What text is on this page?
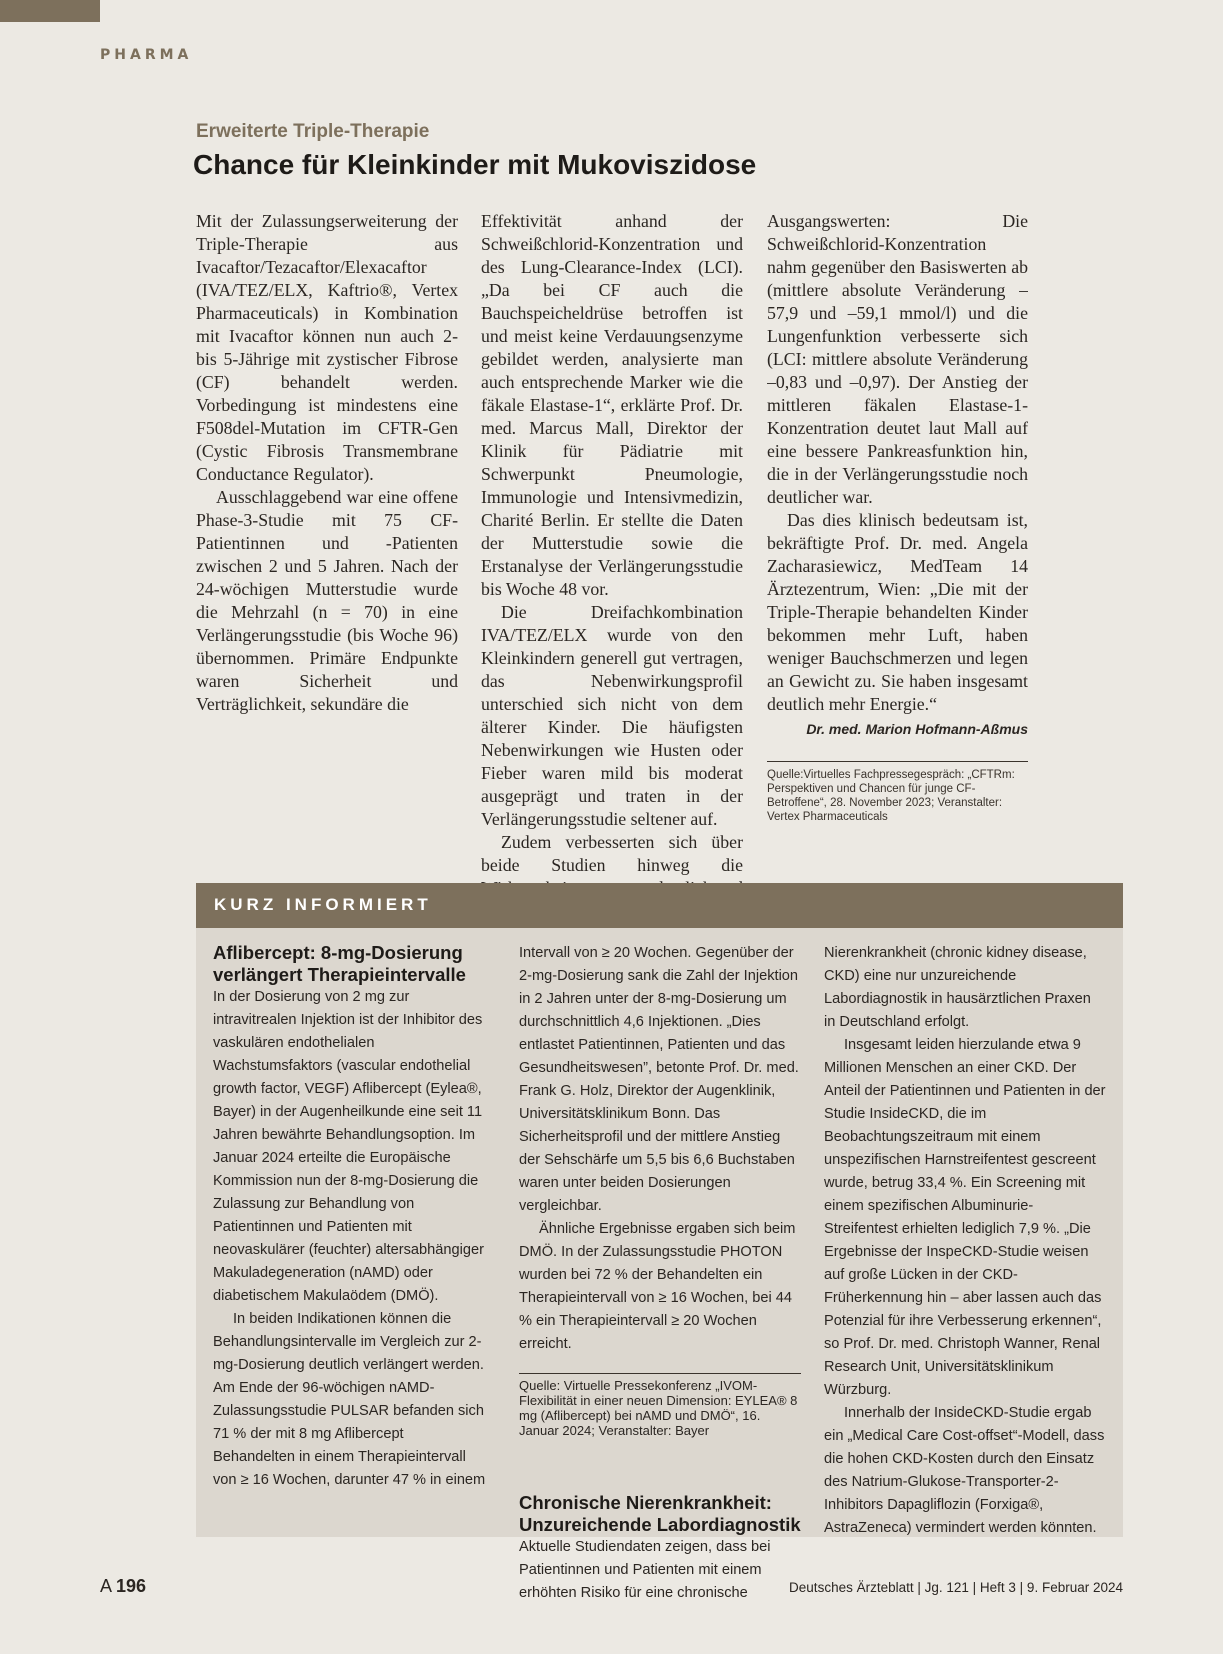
PHARMA
Erweiterte Triple-Therapie
Chance für Kleinkinder mit Mukoviszidose

Mit der Zulassungserweiterung der Triple-Therapie aus Ivacaftor/Tezacaftor/Elexacaftor (IVA/TEZ/ELX, Kaftrio®, Vertex Pharmaceuticals) in Kombination mit Ivacaftor können nun auch 2- bis 5-Jährige mit zystischer Fibrose (CF) behandelt werden. Vorbedingung ist mindestens eine F508del-Mutation im CFTR-Gen (Cystic Fibrosis Transmembrane Conductance Regulator).

Ausschlaggebend war eine offene Phase-3-Studie mit 75 CF-Patientinnen und -Patienten zwischen 2 und 5 Jahren. Nach der 24-wöchigen Mutterstudie wurde die Mehrzahl (n = 70) in eine Verlängerungsstudie (bis Woche 96) übernommen. Primäre Endpunkte waren Sicherheit und Verträglichkeit, sekundäre die

Effektivität anhand der Schweißchlorid-Konzentration und des Lung-Clearance-Index (LCI). „Da bei CF auch die Bauchspeicheldrüse betroffen ist und meist keine Verdauungsenzyme gebildet werden, analysierte man auch entsprechende Marker wie die fäkale Elastase-1“, erklärte Prof. Dr. med. Marcus Mall, Direktor der Klinik für Pädiatrie mit Schwerpunkt Pneumologie, Immunologie und Intensivmedizin, Charité Berlin. Er stellte die Daten der Mutterstudie sowie die Erstanalyse der Verlängerungsstudie bis Woche 48 vor.

Die Dreifachkombination IVA/TEZ/ELX wurde von den Kleinkindern generell gut vertragen, das Nebenwirkungsprofil unterschied sich nicht von dem älterer Kinder. Die häufigsten Nebenwirkungen wie Husten oder Fieber waren mild bis moderat ausgeprägt und traten in der Verlängerungsstudie seltener auf.

Zudem verbesserten sich über beide Studien hinweg die

Ausgangswerten: Die Schweißchlorid-Konzentration nahm gegenüber den Basiswerten ab (mittlere absolute Veränderung –57,9 und –59,1 mmol/l) und die Lungenfunktion verbesserte sich (LCI: mittlere absolute Veränderung –0,83 und –0,97). Der Anstieg der mittleren fäkalen Elastase-1-Konzentration deutet laut Mall auf eine bessere Pankreasfunktion hin, die in der Verlängerungsstudie noch deutlicher war.

Das dies klinisch bedeutsam ist, bekräftigte Prof. Dr. med. Angela Zacharasiewicz, MedTeam 14 Ärztezentrum, Wien: „Die mit der Triple-Therapie behandelten Kinder bekommen mehr Luft, haben weniger Bauchschmerzen und legen an Gewicht zu. Sie haben insgesamt deutlich mehr Energie.“

Dr. med. Marion Hofmann-Aßmus
Quelle:Virtuelles Fachpressegespräch: „CFTRm: Perspektiven und Chancen für junge CF-Betroffene“, 28. November 2023; Veranstalter: Vertex Pharmaceuticals
KURZ INFORMIERT
Aflibercept: 8-mg-Dosierung verlängert Therapieintervalle

In der Dosierung von 2 mg zur intravitrealen Injektion ist der Inhibitor des vaskulären endothelialen Wachstumsfaktors (vascular endothelial growth factor, VEGF) Aflibercept (Eylea®, Bayer) in der Augenheilkunde eine seit 11 Jahren bewährte Behandlungsoption. Im Januar 2024 erteilte die Europäische Kommission nun der 8-mg-Dosierung die Zulassung zur Behandlung von Patientinnen und Patienten mit neovaskulärer (feuchter) altersabhängiger Makuladegeneration (nAMD) oder diabetischem Makulaödem (DMÖ).

In beiden Indikationen können die Behandlungsintervalle im Vergleich zur 2-mg-Dosierung deutlich verlängert werden. Am Ende der 96-wöchigen nAMD-Zulassungsstudie PULSAR befanden sich 71 % der mit 8 mg Aflibercept Behandelten in einem Therapieintervall von ≥ 16 Wochen, darunter 47 % in einem

Intervall von ≥ 20 Wochen. Gegenüber der 2-mg-Dosierung sank die Zahl der Injektion in 2 Jahren unter der 8-mg-Dosierung um durchschnittlich 4,6 Injektionen. „Dies entlastet Patientinnen, Patienten und das Gesundheitswesen”, betonte Prof. Dr. med. Frank G. Holz, Direktor der Augenklinik, Universitätsklinikum Bonn. Das Sicherheitsprofil und der mittlere Anstieg der Sehschärfe um 5,5 bis 6,6 Buchstaben waren unter beiden Dosierungen vergleichbar.

Ähnliche Ergebnisse ergaben sich beim DMÖ. In der Zulassungsstudie PHOTON wurden bei 72 % der Behandelten ein Therapieintervall von ≥ 16 Wochen, bei 44 % ein Therapieintervall ≥ 20 Wochen erreicht.

Quelle: Virtuelle Pressekonferenz „IVOM-Flexibilität in einer neuen Dimension: EYLEA® 8 mg (Aflibercept) bei nAMD und DMÖ“, 16. Januar 2024; Veranstalter: Bayer
Chronische Nierenkrankheit: Unzureichende Labordiagnostik

Aktuelle Studiendaten zeigen, dass bei Patientinnen und Patienten mit einem erhöhten Risiko für eine chronische

Nierenkrankheit (chronic kidney disease, CKD) eine nur unzureichende Labordiagnostik in hausärztlichen Praxen in Deutschland erfolgt.

Insgesamt leiden hierzulande etwa 9 Millionen Menschen an einer CKD. Der Anteil der Patientinnen und Patienten in der Studie InsideCKD, die im Beobachtungszeitraum mit einem unspezifischen Harnstreifentest gescreent wurde, betrug 33,4 %. Ein Screening mit einem spezifischen Albuminurie-Streifentest erhielten lediglich 7,9 %. „Die Ergebnisse der InspeCKD-Studie weisen auf große Lücken in der CKD-Früherkennung hin – aber lassen auch das Potenzial für ihre Verbesserung erkennen“, so Prof. Dr. med. Christoph Wanner, Renal Research Unit, Universitätsklinikum Würzburg.

Innerhalb der InsideCKD-Studie ergab ein „Medical Care Cost-offset“-Modell, dass die hohen CKD-Kosten durch den Einsatz des Natrium-Glukose-Transporter-2-Inhibitors Dapagliflozin (Forxiga®, AstraZeneca) vermindert werden könnten.

A 196	Deutsches Ärzteblatt | Jg. 121 | Heft 3 | 9. Februar 2024
